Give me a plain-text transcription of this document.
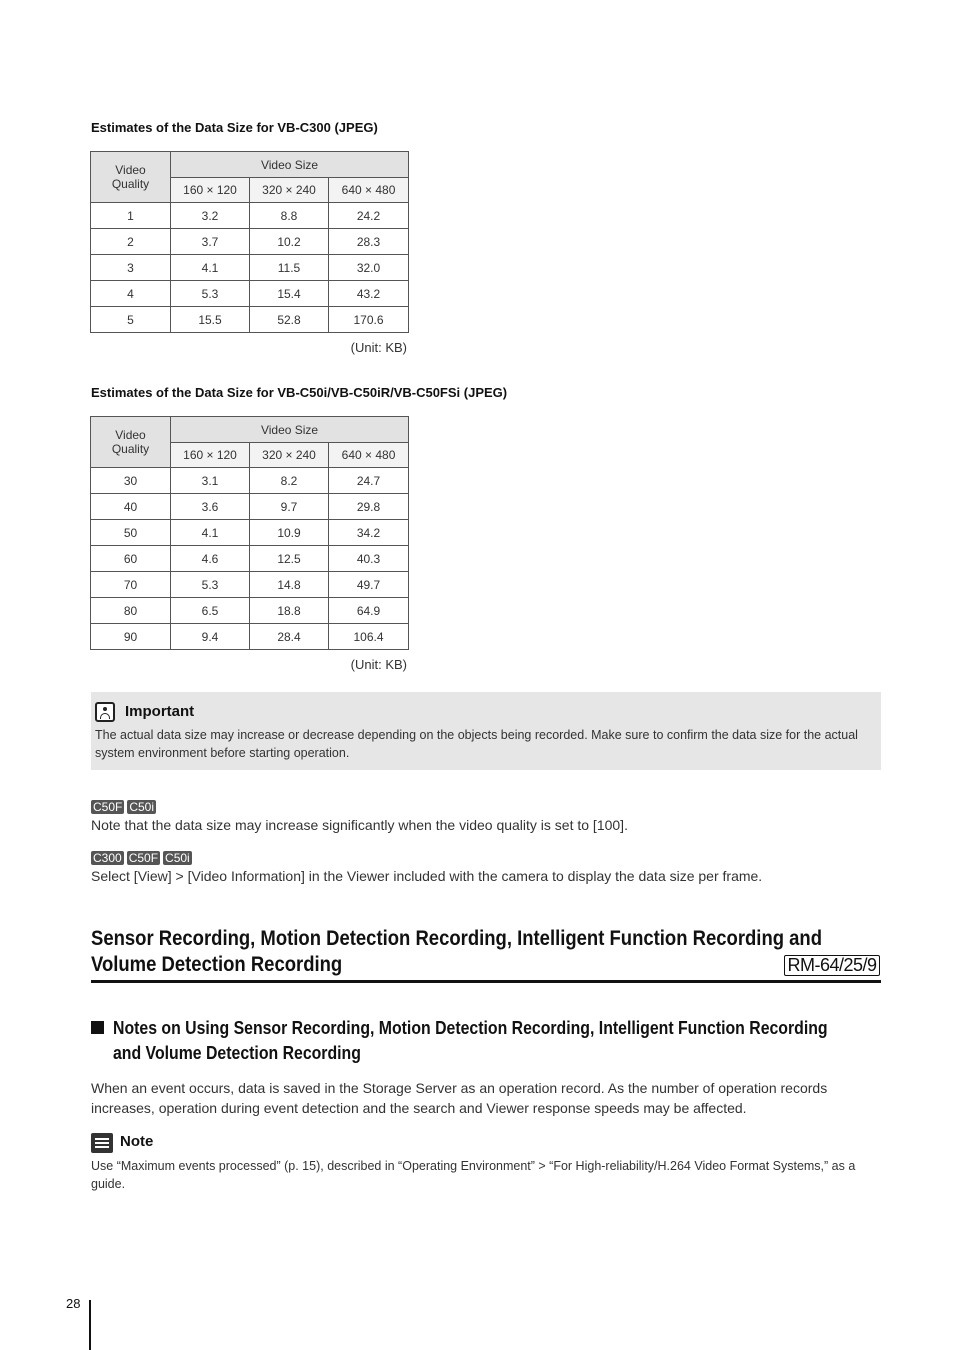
Estimates of the Data Size for VB-C300 (JPEG)
Video
Quality	Video Size		
	160 × 120	320 × 240	640 × 480
1	3.2	8.8	24.2
2	3.7	10.2	28.3
3	4.1	11.5	32.0
4	5.3	15.4	43.2
5	15.5	52.8	170.6
(Unit: KB)
Estimates of the Data Size for VB-C50i/VB-C50iR/VB-C50FSi (JPEG)
Video
Quality	Video Size		
	160 × 120	320 × 240	640 × 480
30	3.1	8.2	24.7
40	3.6	9.7	29.8
50	4.1	10.9	34.2
60	4.6	12.5	40.3
70	5.3	14.8	49.7
80	6.5	18.8	64.9
90	9.4	28.4	106.4
(Unit: KB)
Important
The actual data size may increase or decrease depending on the objects being recorded. Make sure to confirm the data size for the actual system environment before starting operation.
C50F C50i
Note that the data size may increase significantly when the video quality is set to [100].
C300 C50F C50i
Select [View] > [Video Information] in the Viewer included with the camera to display the data size per frame.
Sensor Recording, Motion Detection Recording, Intelligent Function Recording and
Volume Detection Recording	RM-64/25/9
Notes on Using Sensor Recording, Motion Detection Recording, Intelligent Function Recording
and Volume Detection Recording
When an event occurs, data is saved in the Storage Server as an operation record. As the number of operation records increases, operation during event detection and the search and Viewer response speeds may be affected.
Note
Use “Maximum events processed” (p. 15), described in “Operating Environment” > “For High-reliability/H.264 Video Format Systems,” as a guide.
28
